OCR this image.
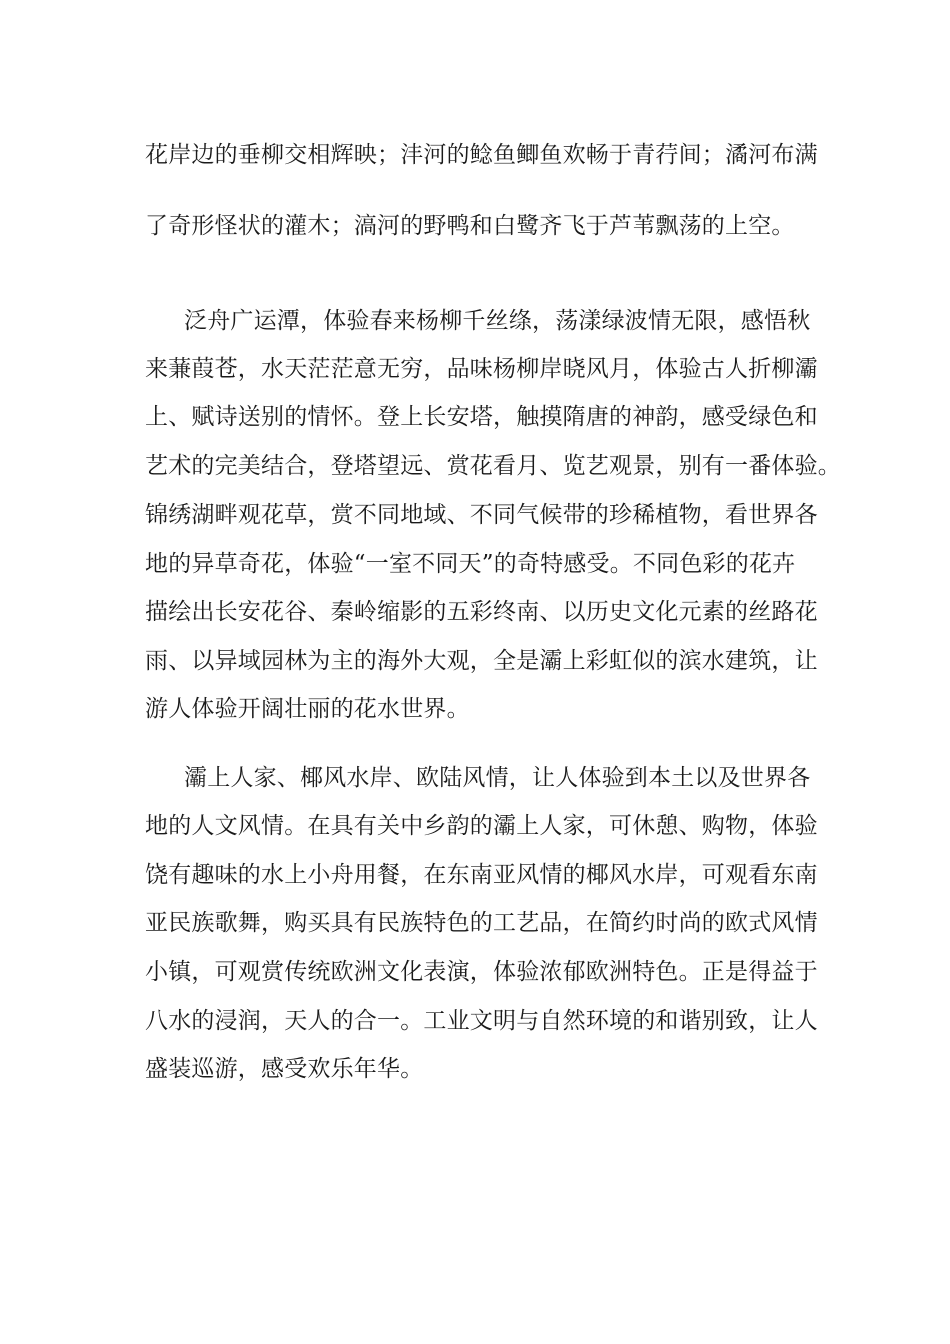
花岸边的垂柳交相辉映；沣河的鲶鱼鲫鱼欢畅于青荇间；潏河布满
了奇形怪状的灌木；滈河的野鸭和白鹭齐飞于芦苇飘荡的上空。
泛舟广运潭，体验春来杨柳千丝绦，荡漾绿波情无限，感悟秋
来蒹葭苍，水天茫茫意无穷，品味杨柳岸晓风月，体验古人折柳灞
上、赋诗送别的情怀。登上长安塔，触摸隋唐的神韵，感受绿色和
艺术的完美结合，登塔望远、赏花看月、览艺观景，别有一番体验。
锦绣湖畔观花草，赏不同地域、不同气候带的珍稀植物，看世界各
地的异草奇花，体验“一室不同天”的奇特感受。不同色彩的花卉
描绘出长安花谷、秦岭缩影的五彩终南、以历史文化元素的丝路花
雨、以异域园林为主的海外大观，全是灞上彩虹似的滨水建筑，让
游人体验开阔壮丽的花水世界。
灞上人家、椰风水岸、欧陆风情，让人体验到本土以及世界各
地的人文风情。在具有关中乡韵的灞上人家，可休憩、购物，体验
饶有趣味的水上小舟用餐，在东南亚风情的椰风水岸，可观看东南
亚民族歌舞，购买具有民族特色的工艺品，在简约时尚的欧式风情
小镇，可观赏传统欧洲文化表演，体验浓郁欧洲特色。正是得益于
八水的浸润，天人的合一。工业文明与自然环境的和谐别致，让人
盛装巡游，感受欢乐年华。
